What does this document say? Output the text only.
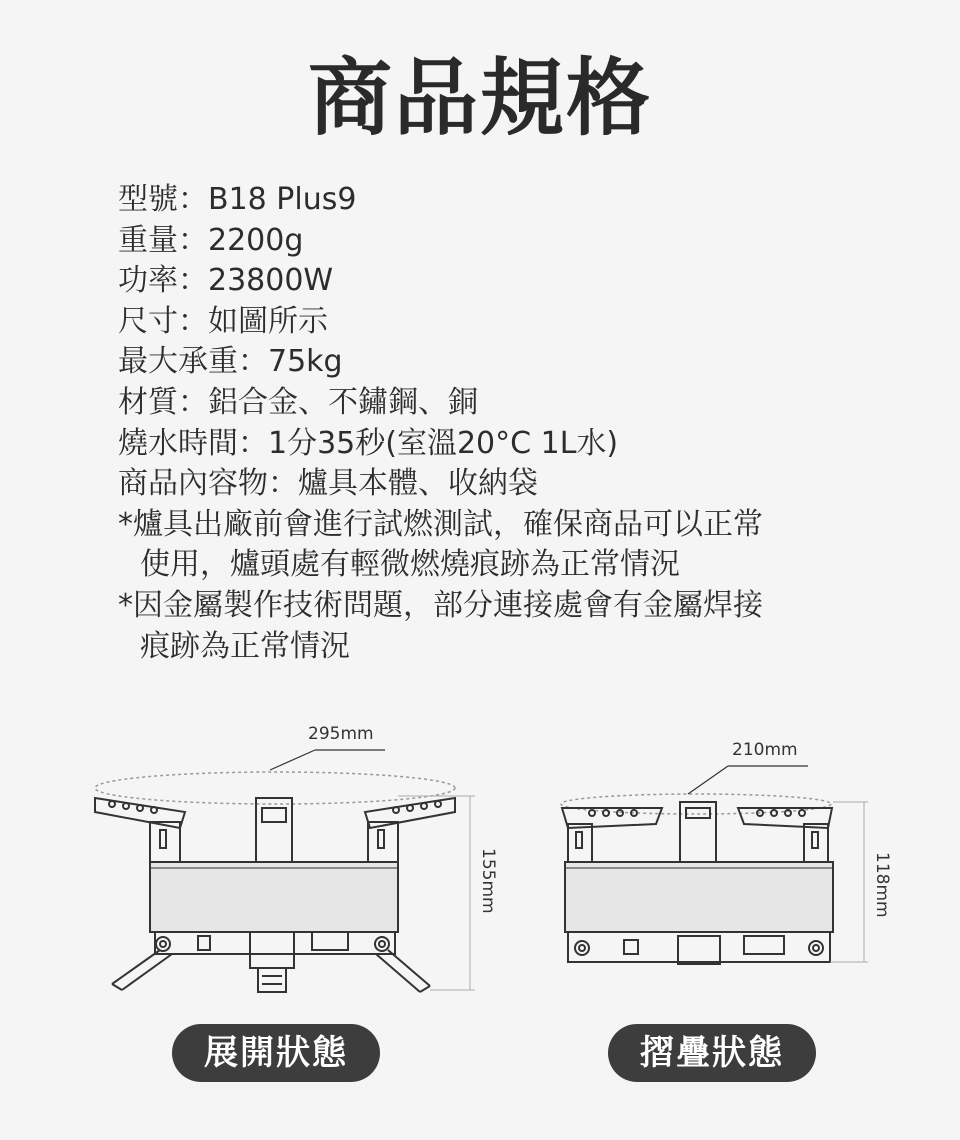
商品規格
型號：B18 Plus9
重量：2200g
功率：23800W
尺寸：如圖所示
最大承重：75kg
材質：鋁合金、不鏽鋼、銅
燒水時間：1分35秒(室溫20°C 1L水)
商品內容物：爐具本體、收納袋
*爐具出廠前會進行試燃測試，確保商品可以正常
使用，爐頭處有輕微燃燒痕跡為正常情況
*因金屬製作技術問題，部分連接處會有金屬焊接
痕跡為正常情況
295mm
155mm
210mm
118mm
展開狀態	摺疊狀態
